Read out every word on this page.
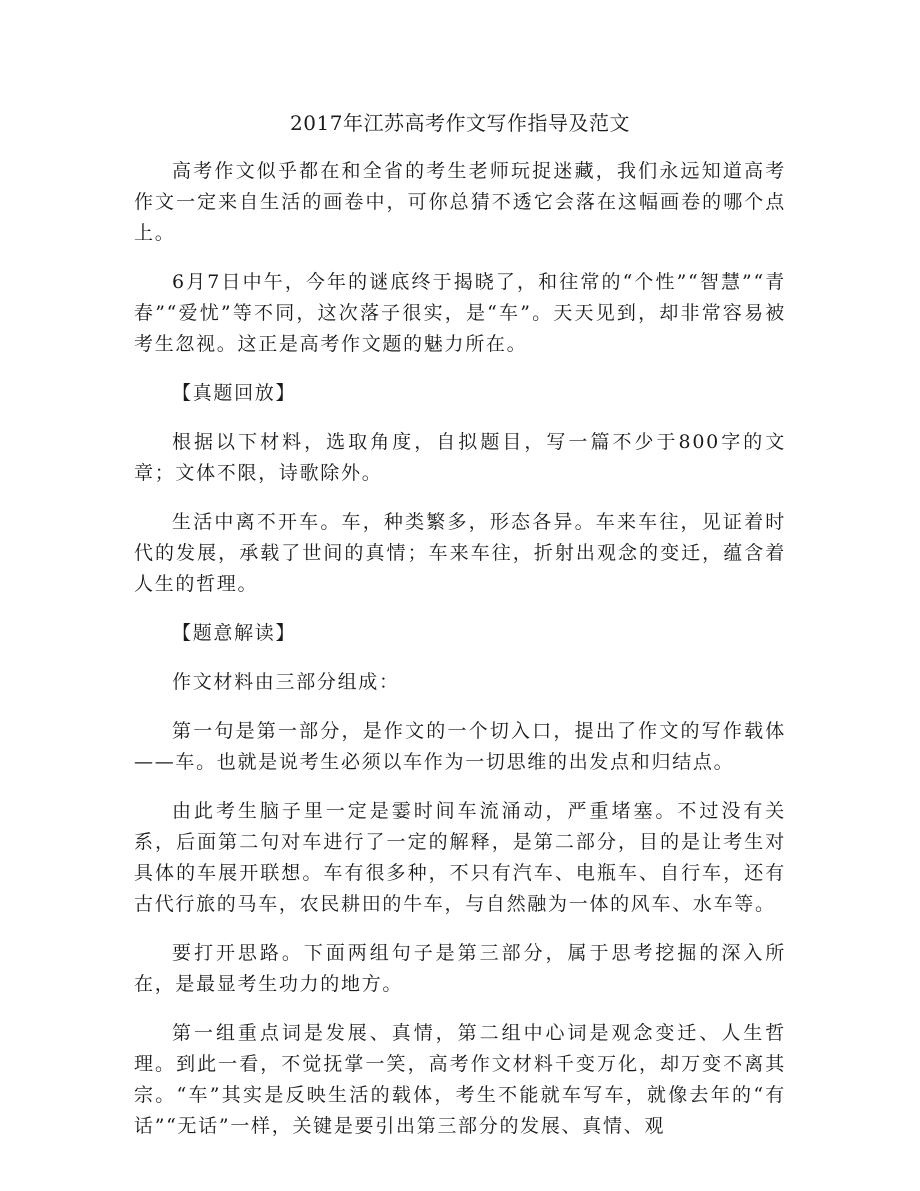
2017年江苏高考作文写作指导及范文

高考作文似乎都在和全省的考生老师玩捉迷藏，我们永远知道高考作文一定来自生活的画卷中，可你总猜不透它会落在这幅画卷的哪个点上。

6月7日中午，今年的谜底终于揭晓了，和往常的“个性”“智慧”“青春”“爱忧”等不同，这次落子很实，是“车”。天天见到，却非常容易被考生忽视。这正是高考作文题的魅力所在。

【真题回放】

根据以下材料，选取角度，自拟题目，写一篇不少于800字的文章；文体不限，诗歌除外。

生活中离不开车。车，种类繁多，形态各异。车来车往，见证着时代的发展，承载了世间的真情；车来车往，折射出观念的变迁，蕴含着人生的哲理。

【题意解读】

作文材料由三部分组成：

第一句是第一部分，是作文的一个切入口，提出了作文的写作载体——车。也就是说考生必须以车作为一切思维的出发点和归结点。

由此考生脑子里一定是霎时间车流涌动，严重堵塞。不过没有关系，后面第二句对车进行了一定的解释，是第二部分，目的是让考生对具体的车展开联想。车有很多种，不只有汽车、电瓶车、自行车，还有古代行旅的马车，农民耕田的牛车，与自然融为一体的风车、水车等。

要打开思路。下面两组句子是第三部分，属于思考挖掘的深入所在，是最显考生功力的地方。

第一组重点词是发展、真情，第二组中心词是观念变迁、人生哲理。到此一看，不觉抚掌一笑，高考作文材料千变万化，却万变不离其宗。“车”其实是反映生活的载体，考生不能就车写车，就像去年的“有话”“无话”一样，关键是要引出第三部分的发展、真情、观
